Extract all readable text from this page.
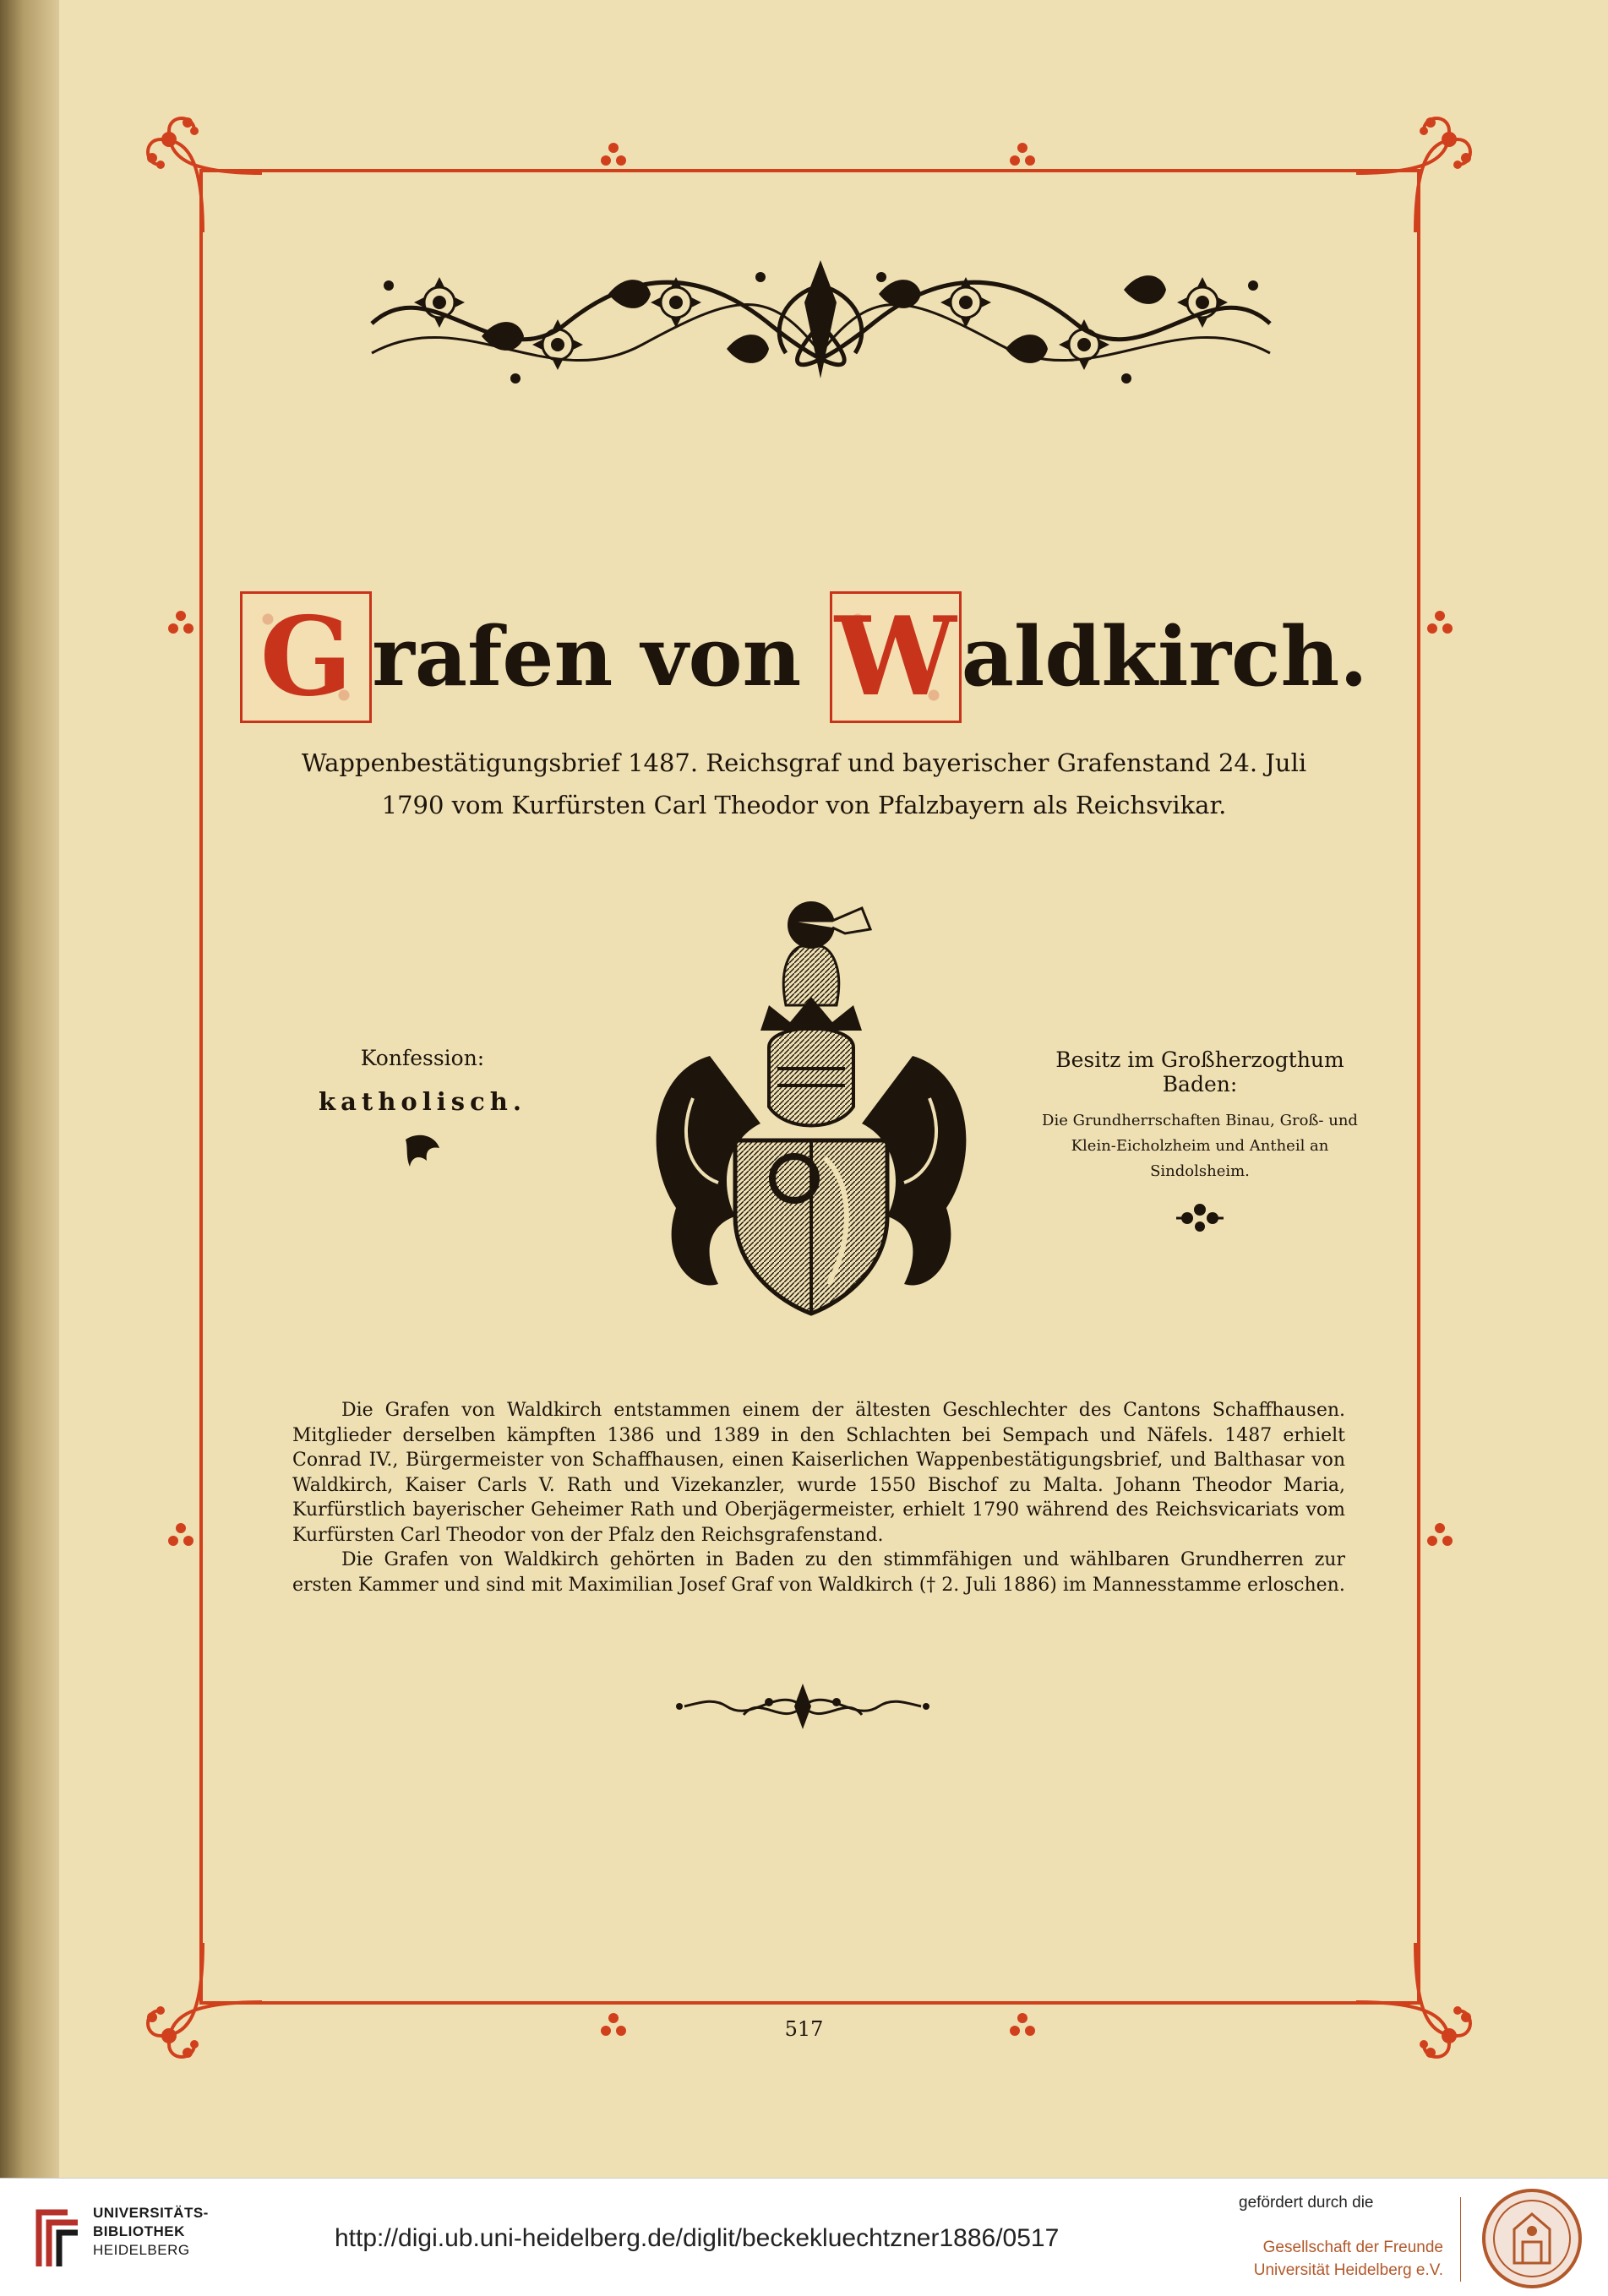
G rafen von Waldkirch.
Wappenbestätigungsbrief 1487. Reichsgraf und bayerischer Grafenstand 24. Juli 1790 vom Kurfürsten Carl Theodor von Pfalzbayern als Reichsvikar.
Konfession:
katholisch.
Besitz im Großherzogthum Baden:
Die Grundherrschaften Binau, Groß- und Klein-Eicholzheim und Antheil an Sindolsheim.

Die Grafen von Waldkirch entstammen einem der ältesten Geschlechter des Cantons Schaffhausen. Mitglieder derselben kämpften 1386 und 1389 in den Schlachten bei Sempach und Näfels. 1487 erhielt Conrad IV., Bürgermeister von Schaffhausen, einen Kaiserlichen Wappenbestätigungsbrief, und Balthasar von Waldkirch, Kaiser Carls V. Rath und Vizekanzler, wurde 1550 Bischof zu Malta. Johann Theodor Maria, Kurfürstlich bayerischer Geheimer Rath und Oberjägermeister, erhielt 1790 während des Reichsvicariats vom Kurfürsten Carl Theodor von der Pfalz den Reichsgrafenstand.

Die Grafen von Waldkirch gehörten in Baden zu den stimmfähigen und wählbaren Grundherren zur ersten Kammer und sind mit Maximilian Josef Graf von Waldkirch († 2. Juli 1886) im Mannesstamme erloschen.

517
UNIVERSITÄTS-
BIBLIOTHEK
HEIDELBERG	http://digi.ub.uni-heidelberg.de/diglit/beckekluechtzner1886/0517
gefördert durch die
Gesellschaft der Freunde
Universität Heidelberg e.V.
